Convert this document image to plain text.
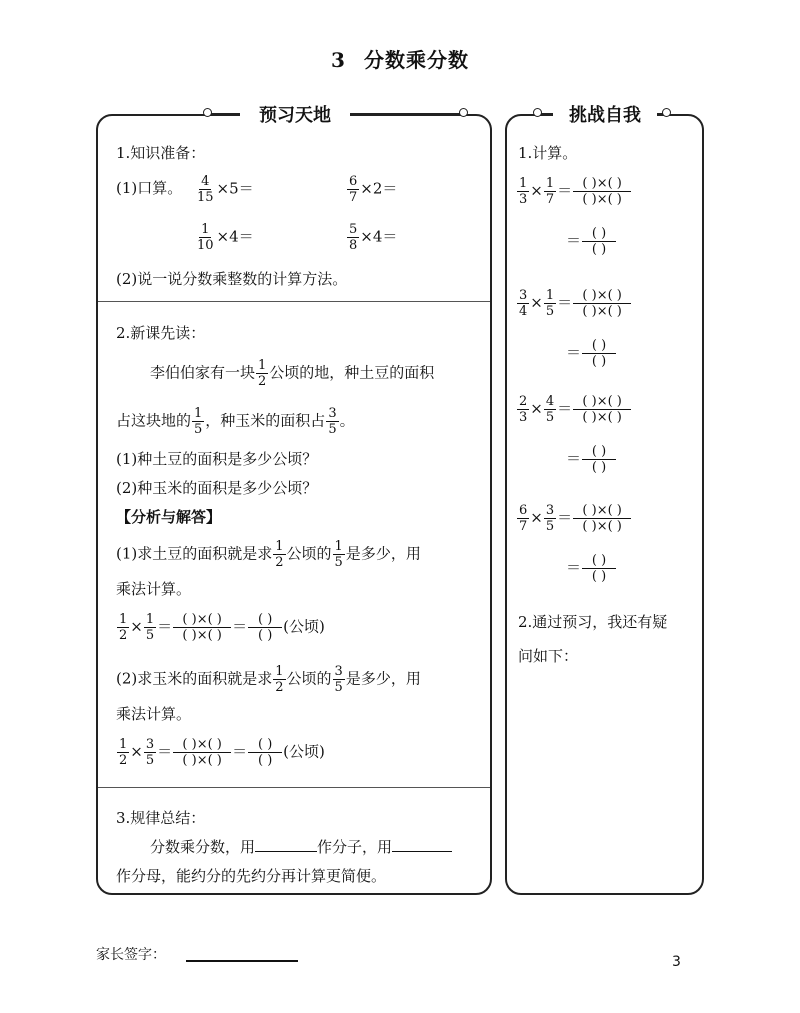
3 分数乘分数
预习天地	挑战自我
1.知识准备：
(1)口算。 $\frac{4}{15} \times 5=$	$\frac{6}{7} \times 2=$
$\frac{1}{10} \times 4=$	$\frac{5}{8} \times 4=$
(2)说一说分数乘整数的计算方法。
2.新课先读：
李伯伯家有一块 $\frac{1}{2}$ 公顷的地，种土豆的面积
占这块地的 $\frac{1}{5}$ ，种玉米的面积占 $\frac{3}{5}$ 。
(1)种土豆的面积是多少公顷？
(2)种玉米的面积是多少公顷？
【分析与解答】
(1)求土豆的面积就是求 $\frac{1}{2}$ 公顷的 $\frac{1}{5}$ 是多少，用
乘法计算。
$\frac{1}{2} \times \frac{1}{5} = \frac{( )\times( )}{( )\times( )} = \frac{( )}{( )}$ (公顷)
(2)求玉米的面积就是求 $\frac{1}{2}$ 公顷的 $\frac{3}{5}$ 是多少，用
乘法计算。
$\frac{1}{2} \times \frac{3}{5} = \frac{( )\times( )}{( )\times( )} = \frac{( )}{( )}$ (公顷)
3.规律总结：
分数乘分数，用	作分子，用
作分母，能约分的先约分再计算更简便。
1.计算。
$\frac{1}{3} \times \frac{1}{7} = \frac{( )\times( )}{( )\times( )}$
＝ $\frac{( )}{( )}$
$\frac{3}{4} \times \frac{1}{5} = \frac{( )\times( )}{( )\times( )}$
＝ $\frac{( )}{( )}$
$\frac{2}{3} \times \frac{4}{5} = \frac{( )\times( )}{( )\times( )}$
＝ $\frac{( )}{( )}$
$\frac{6}{7} \times \frac{3}{5} = \frac{( )\times( )}{( )\times( )}$
＝ $\frac{( )}{( )}$
2.通过预习，我还有疑
问如下：
家长签字：	3
